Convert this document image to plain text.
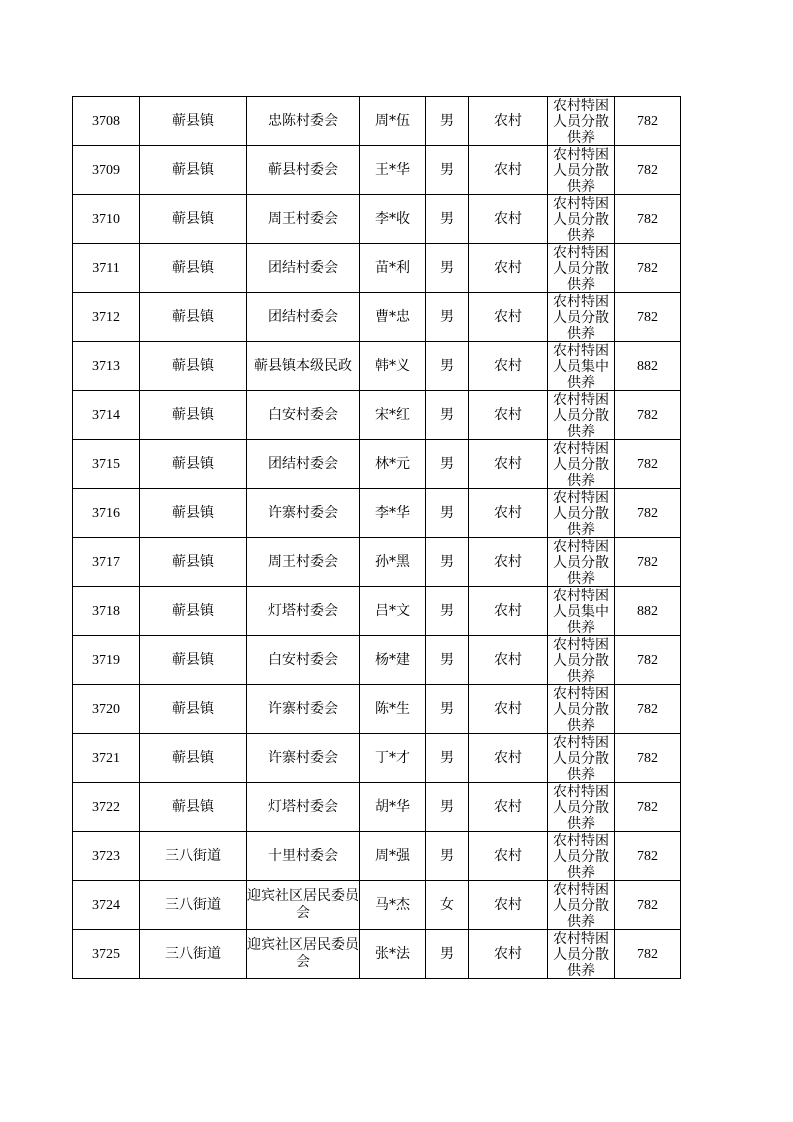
3708	蕲县镇	忠陈村委会	周*伍	男	农村	农村特困人员分散供养	782
3709	蕲县镇	蕲县村委会	王*华	男	农村	农村特困人员分散供养	782
3710	蕲县镇	周王村委会	李*收	男	农村	农村特困人员分散供养	782
3711	蕲县镇	团结村委会	苗*利	男	农村	农村特困人员分散供养	782
3712	蕲县镇	团结村委会	曹*忠	男	农村	农村特困人员分散供养	782
3713	蕲县镇	蕲县镇本级民政	韩*义	男	农村	农村特困人员集中供养	882
3714	蕲县镇	白安村委会	宋*红	男	农村	农村特困人员分散供养	782
3715	蕲县镇	团结村委会	林*元	男	农村	农村特困人员分散供养	782
3716	蕲县镇	许寨村委会	李*华	男	农村	农村特困人员分散供养	782
3717	蕲县镇	周王村委会	孙*黑	男	农村	农村特困人员分散供养	782
3718	蕲县镇	灯塔村委会	吕*文	男	农村	农村特困人员集中供养	882
3719	蕲县镇	白安村委会	杨*建	男	农村	农村特困人员分散供养	782
3720	蕲县镇	许寨村委会	陈*生	男	农村	农村特困人员分散供养	782
3721	蕲县镇	许寨村委会	丁*才	男	农村	农村特困人员分散供养	782
3722	蕲县镇	灯塔村委会	胡*华	男	农村	农村特困人员分散供养	782
3723	三八街道	十里村委会	周*强	男	农村	农村特困人员分散供养	782
3724	三八街道	迎宾社区居民委员会	马*杰	女	农村	农村特困人员分散供养	782
3725	三八街道	迎宾社区居民委员会	张*法	男	农村	农村特困人员分散供养	782
